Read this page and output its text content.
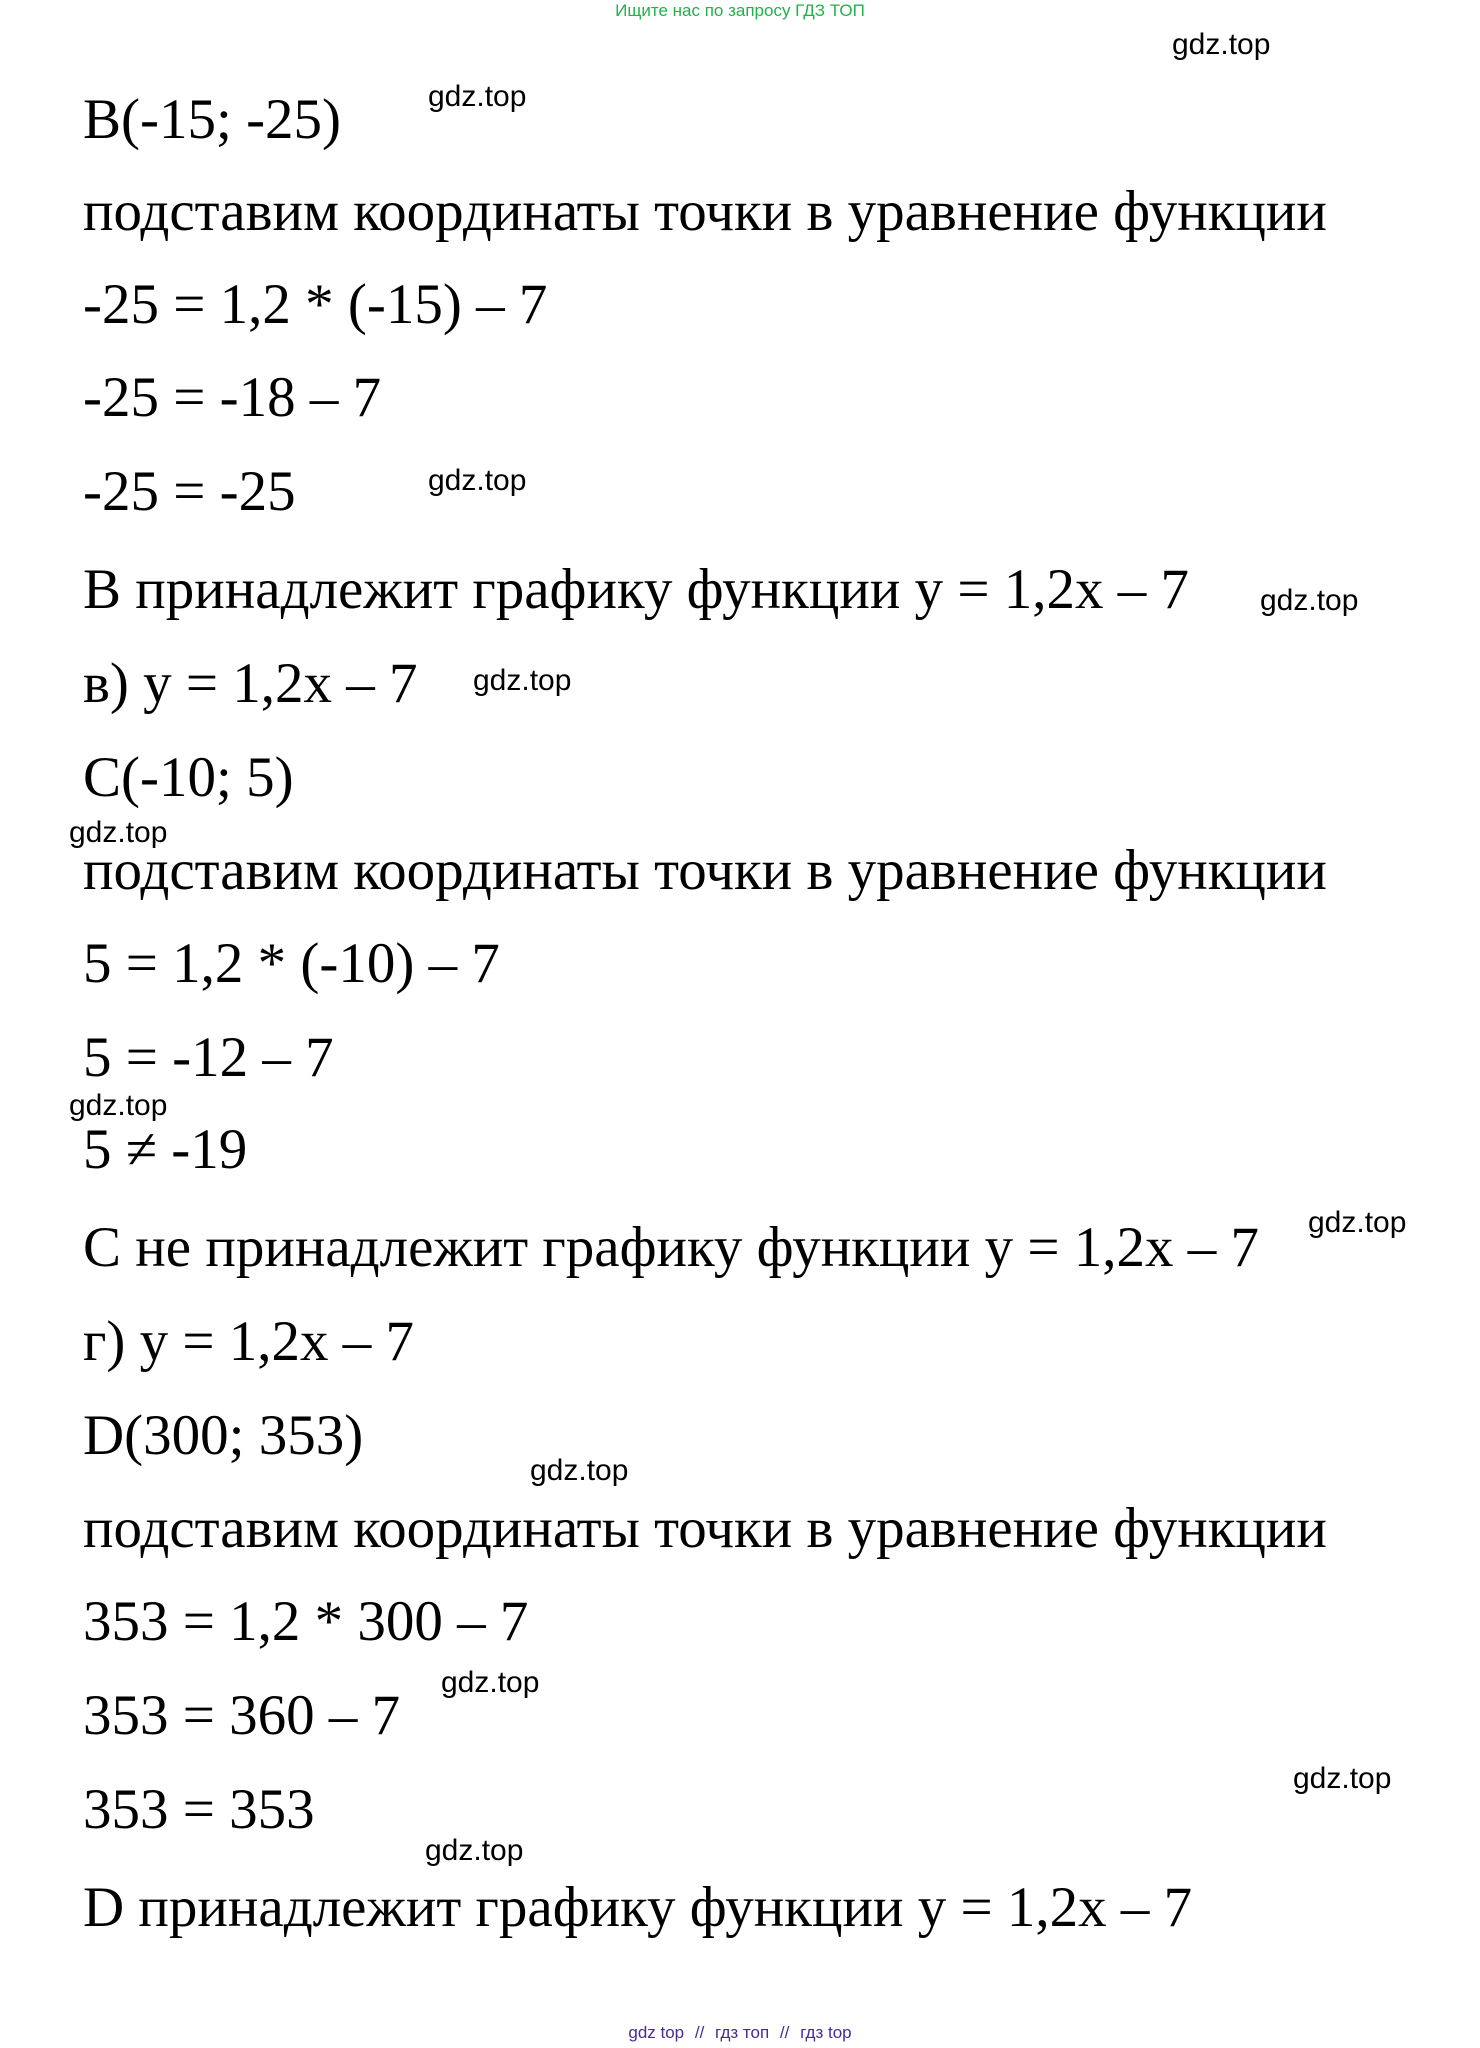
Ищите нас по запросу ГДЗ ТОП
gdz.top
gdz.top
gdz.top
gdz.top
gdz.top
gdz.top
gdz.top
gdz.top
gdz.top
gdz.top
gdz.top
gdz.top
B(-15; -25)
подставим координаты точки в уравнение функции
-25 = 1,2 * (-15) – 7
-25 = -18 – 7
-25 = -25
B принадлежит графику функции y = 1,2x – 7
в) y = 1,2x – 7
C(-10; 5)
подставим координаты точки в уравнение функции
5 = 1,2 * (-10) – 7
5 = -12 – 7
5 ≠ -19
C не принадлежит графику функции y = 1,2x – 7
г) y = 1,2x – 7
D(300; 353)
подставим координаты точки в уравнение функции
353 = 1,2 * 300 – 7
353 = 360 – 7
353 = 353
D принадлежит графику функции y = 1,2x – 7
gdz top // гдз топ // гдз top
